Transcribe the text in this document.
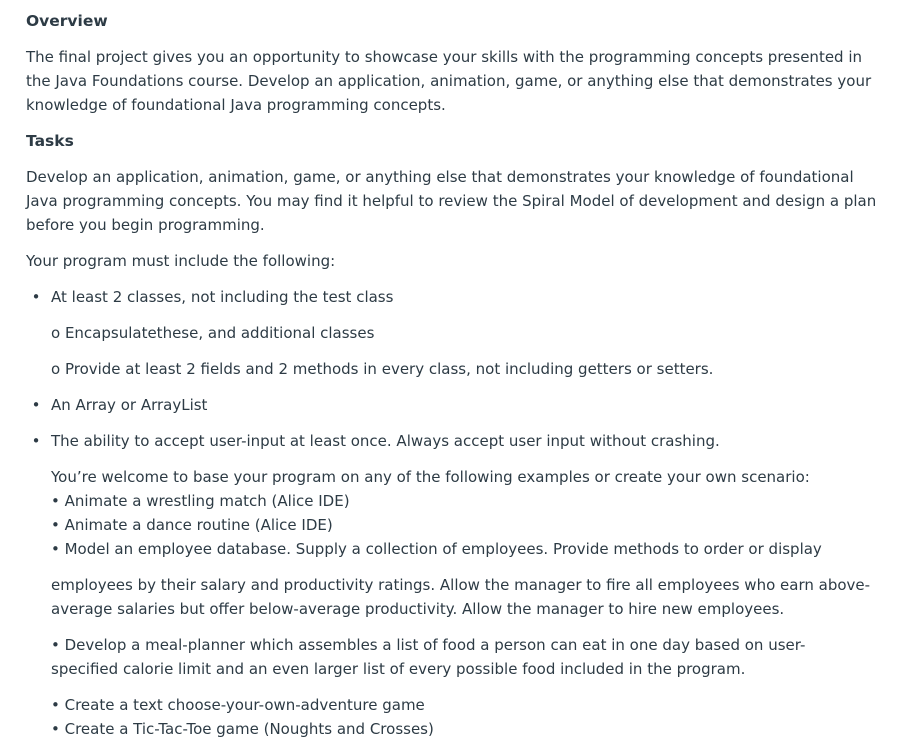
Overview

The final project gives you an opportunity to showcase your skills with the programming concepts presented in the Java Foundations course. Develop an application, animation, game, or anything else that demonstrates your knowledge of foundational Java programming concepts.

Tasks

Develop an application, animation, game, or anything else that demonstrates your knowledge of foundational Java programming concepts. You may find it helpful to review the Spiral Model of development and design a plan before you begin programming.

Your program must include the following:

• At least 2 classes, not including the test class
o Encapsulatethese, and additional classes
o Provide at least 2 fields and 2 methods in every class, not including getters or setters.
• An Array or ArrayList
• The ability to accept user-input at least once. Always accept user input without crashing.

You’re welcome to base your program on any of the following examples or create your own scenario:
• Animate a wrestling match (Alice IDE)
• Animate a dance routine (Alice IDE)
• Model an employee database. Supply a collection of employees. Provide methods to order or display

employees by their salary and productivity ratings. Allow the manager to fire all employees who earn above-average salaries but offer below-average productivity. Allow the manager to hire new employees.

• Develop a meal-planner which assembles a list of food a person can eat in one day based on user- specified calorie limit and an even larger list of every possible food included in the program.

• Create a text choose-your-own-adventure game
• Create a Tic-Tac-Toe game (Noughts and Crosses)
